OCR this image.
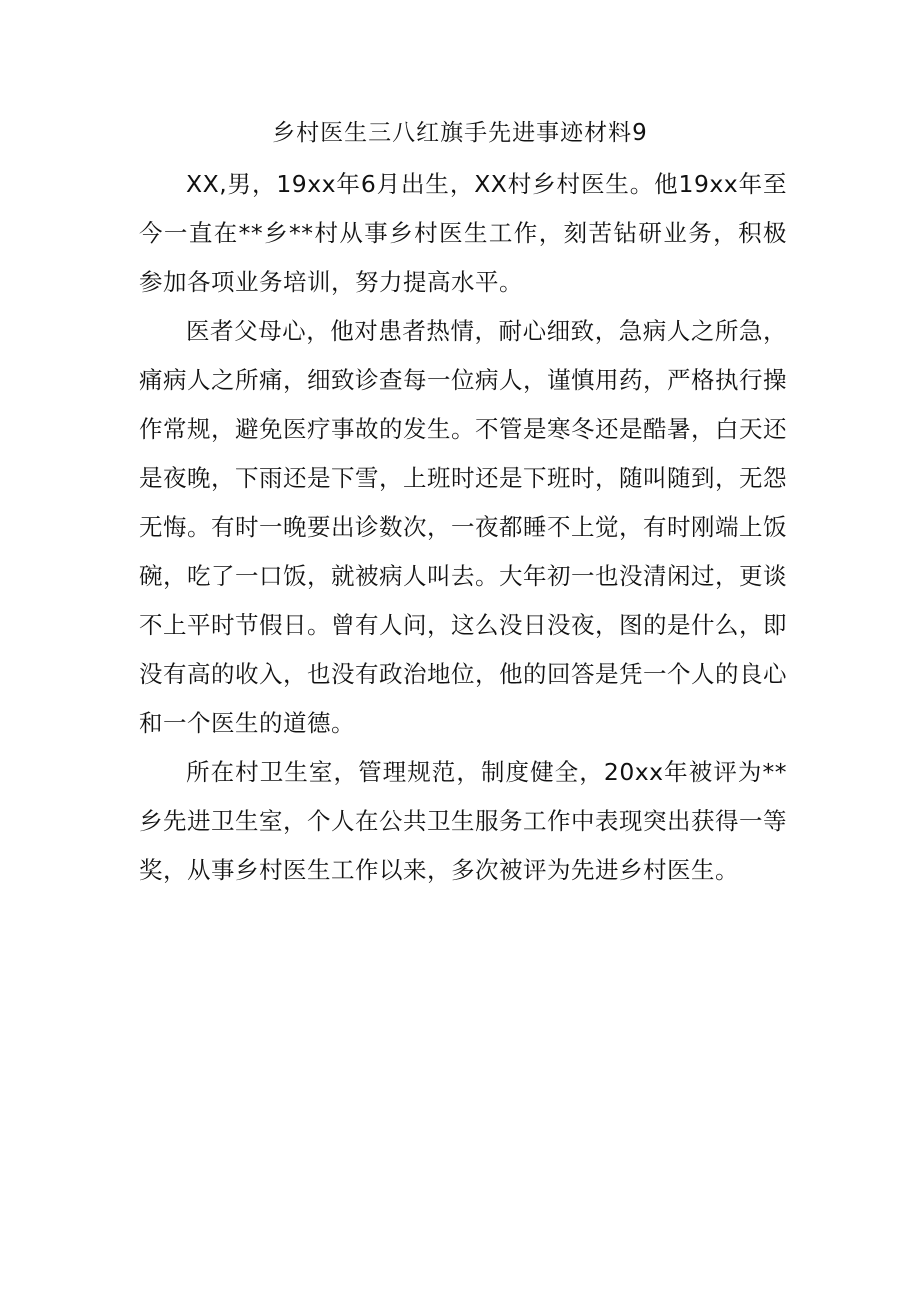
乡村医生三八红旗手先进事迹材料9

XX,男，19xx年6月出生，XX村乡村医生。他19xx年至今一直在**乡**村从事乡村医生工作，刻苦钻研业务，积极参加各项业务培训，努力提高水平。

医者父母心，他对患者热情，耐心细致，急病人之所急，痛病人之所痛，细致诊查每一位病人，谨慎用药，严格执行操作常规，避免医疗事故的发生。不管是寒冬还是酷暑，白天还是夜晚，下雨还是下雪，上班时还是下班时，随叫随到，无怨无悔。有时一晚要出诊数次，一夜都睡不上觉，有时刚端上饭碗，吃了一口饭，就被病人叫去。大年初一也没清闲过，更谈不上平时节假日。曾有人问，这么没日没夜，图的是什么，即没有高的收入，也没有政治地位，他的回答是凭一个人的良心和一个医生的道德。

所在村卫生室，管理规范，制度健全，20xx年被评为**乡先进卫生室，个人在公共卫生服务工作中表现突出获得一等奖，从事乡村医生工作以来，多次被评为先进乡村医生。
